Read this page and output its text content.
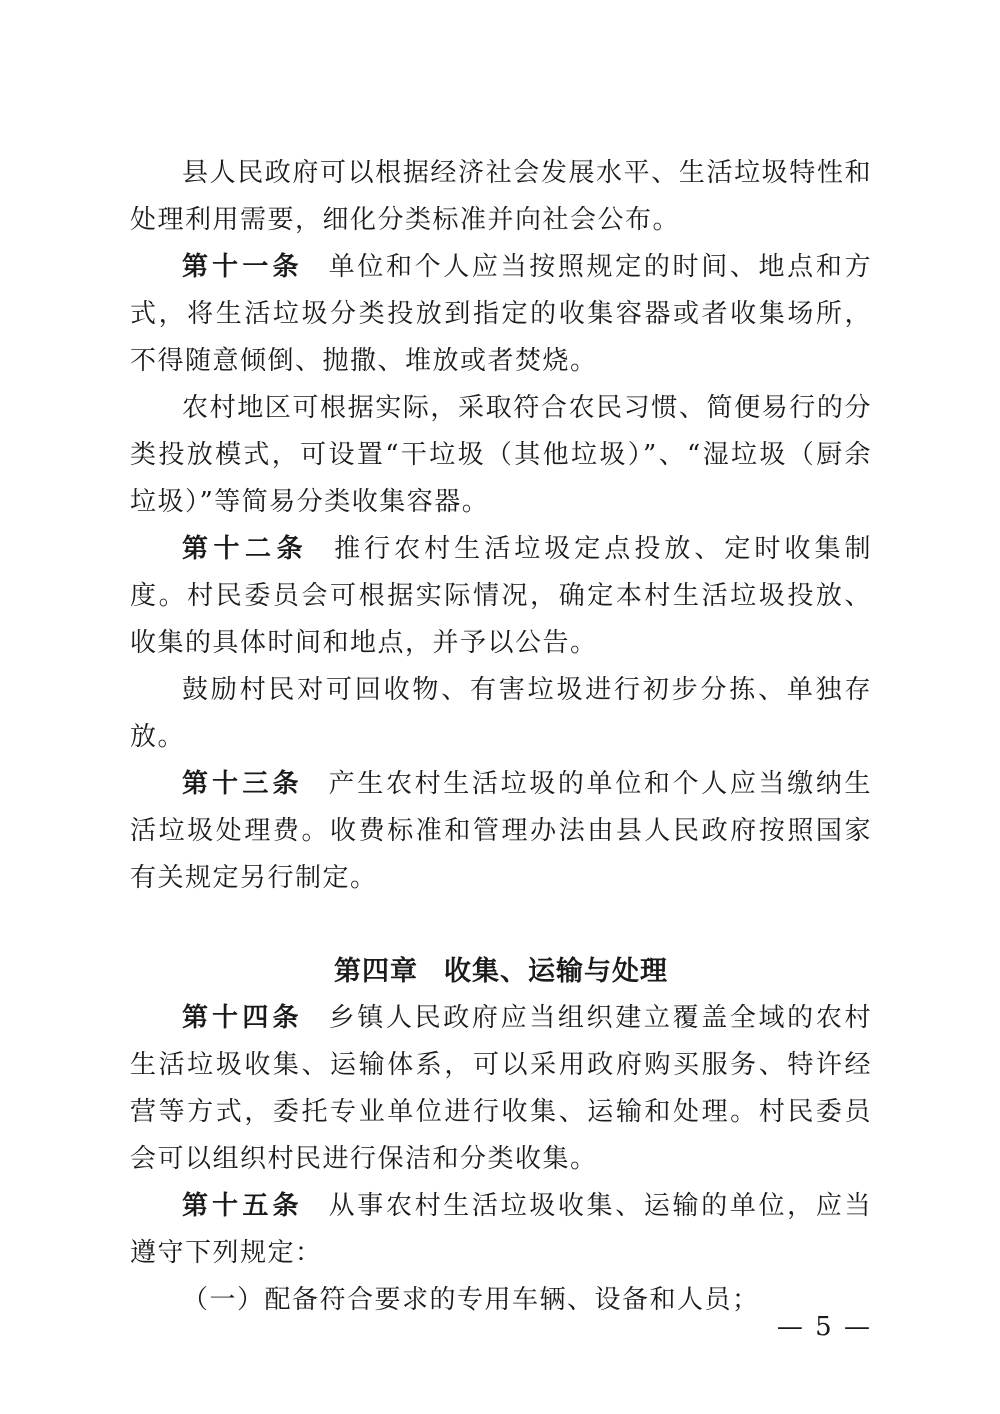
县人民政府可以根据经济社会发展水平、生活垃圾特性和处理利用需要，细化分类标准并向社会公布。

第十一条 单位和个人应当按照规定的时间、地点和方式，将生活垃圾分类投放到指定的收集容器或者收集场所，不得随意倾倒、抛撒、堆放或者焚烧。

农村地区可根据实际，采取符合农民习惯、简便易行的分类投放模式，可设置“干垃圾（其他垃圾）”、“湿垃圾（厨余垃圾）”等简易分类收集容器。

第十二条 推行农村生活垃圾定点投放、定时收集制度。村民委员会可根据实际情况，确定本村生活垃圾投放、收集的具体时间和地点，并予以公告。

鼓励村民对可回收物、有害垃圾进行初步分拣、单独存放。

第十三条 产生农村生活垃圾的单位和个人应当缴纳生活垃圾处理费。收费标准和管理办法由县人民政府按照国家有关规定另行制定。

第四章 收集、运输与处理

第十四条 乡镇人民政府应当组织建立覆盖全域的农村生活垃圾收集、运输体系，可以采用政府购买服务、特许经营等方式，委托专业单位进行收集、运输和处理。村民委员会可以组织村民进行保洁和分类收集。

第十五条 从事农村生活垃圾收集、运输的单位，应当遵守下列规定：

（一）配备符合要求的专用车辆、设备和人员；

— 5 —
